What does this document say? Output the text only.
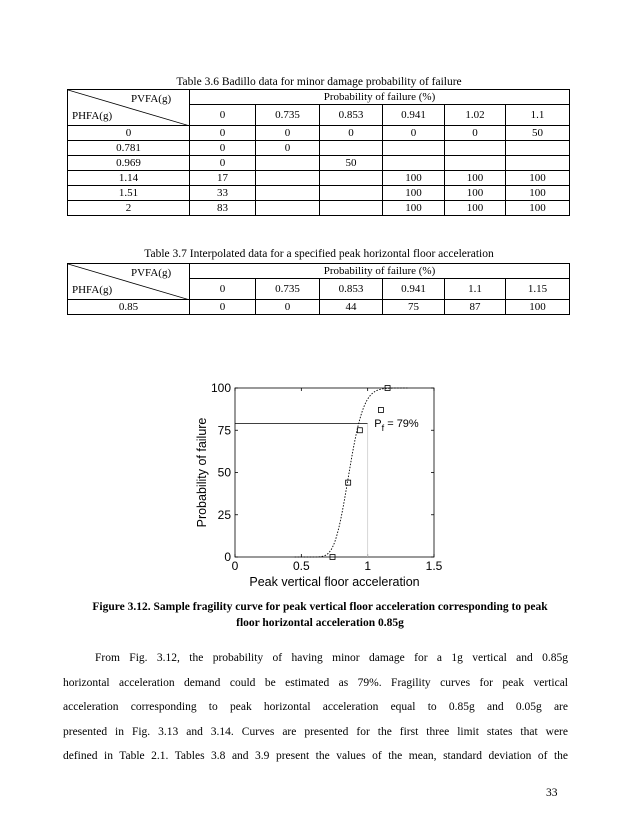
Table 3.6 Badillo data for minor damage probability of failure
PVFA(g)
PHFA(g)	Probability of failure (%)					
	0	0.735	0.853	0.941	1.02	1.1
0	0	0	0	0	0	50
0.781	0	0				
0.969	0		50			
1.14	17			100	100	100
1.51	33			100	100	100
2	83			100	100	100
Table 3.7 Interpolated data for a specified peak horizontal floor acceleration
PVFA(g)
PHFA(g)	Probability of failure (%)					
	0	0.735	0.853	0.941	1.1	1.15
0.85	0	0	44	75	87	100
0	0.5	1	1.5
0
25
50
75
100
Peak vertical floor acceleration
Probability of failure	$P_f = 79\%$
Figure 3.12. Sample fragility curve for peak vertical floor acceleration corresponding to peak floor horizontal acceleration 0.85g
From Fig. 3.12, the probability of having minor damage for a 1g vertical and 0.85g
horizontal acceleration demand could be estimated as 79%. Fragility curves for peak vertical
acceleration corresponding to peak horizontal acceleration equal to 0.85g and 0.05g are
presented in Fig. 3.13 and 3.14. Curves are presented for the first three limit states that were
defined in Table 2.1. Tables 3.8 and 3.9 present the values of the mean, standard deviation of the
33
